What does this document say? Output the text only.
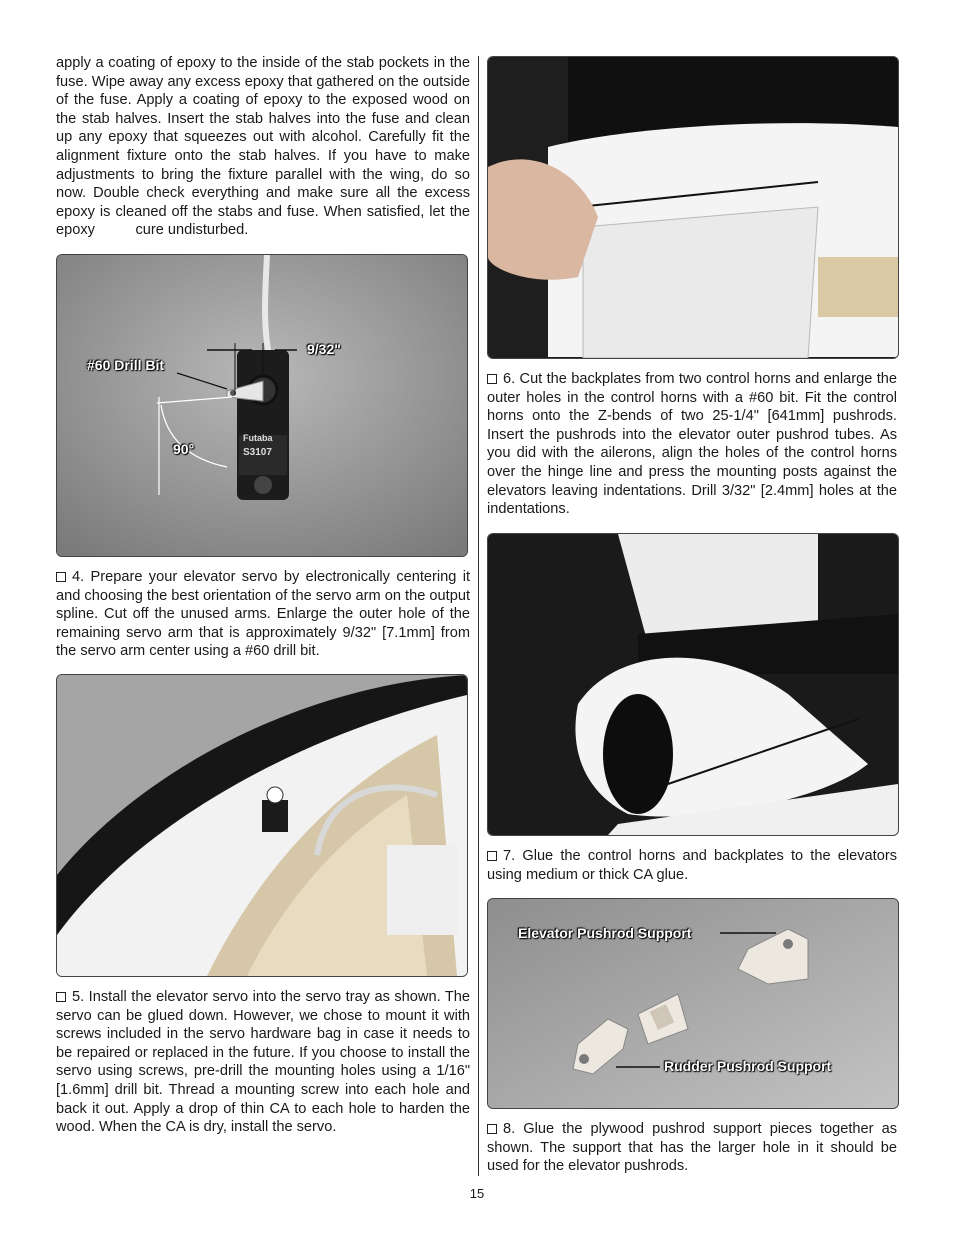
apply a coating of epoxy to the inside of the stab pockets in the fuse. Wipe away any excess epoxy that gathered on the outside of the fuse. Apply a coating of epoxy to the exposed wood on the stab halves. Insert the stab halves into the fuse and clean up any epoxy that squeezes out with alcohol. Carefully fit the alignment fixture onto the stab halves. If you have to make adjustments to bring the fixture parallel with the wing, do so now. Double check everything and make sure all the excess epoxy is cleaned off the stabs and fuse. When satisfied, let the epoxy          cure undisturbed.

#60 Drill Bit
9/32"
90°
Futaba
S3107

4. Prepare your elevator servo by electronically centering it and choosing the best orientation of the servo arm on the output spline. Cut off the unused arms. Enlarge the outer hole of the remaining servo arm that is approximately 9/32" [7.1mm] from the servo arm center using a #60 drill bit.

5. Install the elevator servo into the servo tray as shown. The servo can be glued down. However, we chose to mount it with screws included in the servo hardware bag in case it needs to be repaired or replaced in the future. If you choose to install the servo using screws, pre-drill the mounting holes using a 1/16" [1.6mm] drill bit. Thread a mounting screw into each hole and back it out. Apply a drop of thin CA to each hole to harden the wood. When the CA is dry, install the servo.

6. Cut the backplates from two control horns and enlarge the outer holes in the control horns with a #60 bit. Fit the control horns onto the Z-bends of two 25-1/4" [641mm] pushrods. Insert the pushrods into the elevator outer pushrod tubes. As you did with the ailerons, align the holes of the control horns over the hinge line and press the mounting posts against the elevators leaving indentations. Drill 3/32" [2.4mm] holes at the indentations.

7. Glue the control horns and backplates to the elevators using medium or thick CA glue.

Elevator Pushrod Support
Rudder Pushrod Support

8. Glue the plywood pushrod support pieces together as shown. The support that has the larger hole in it should be used for the elevator pushrods.

15
